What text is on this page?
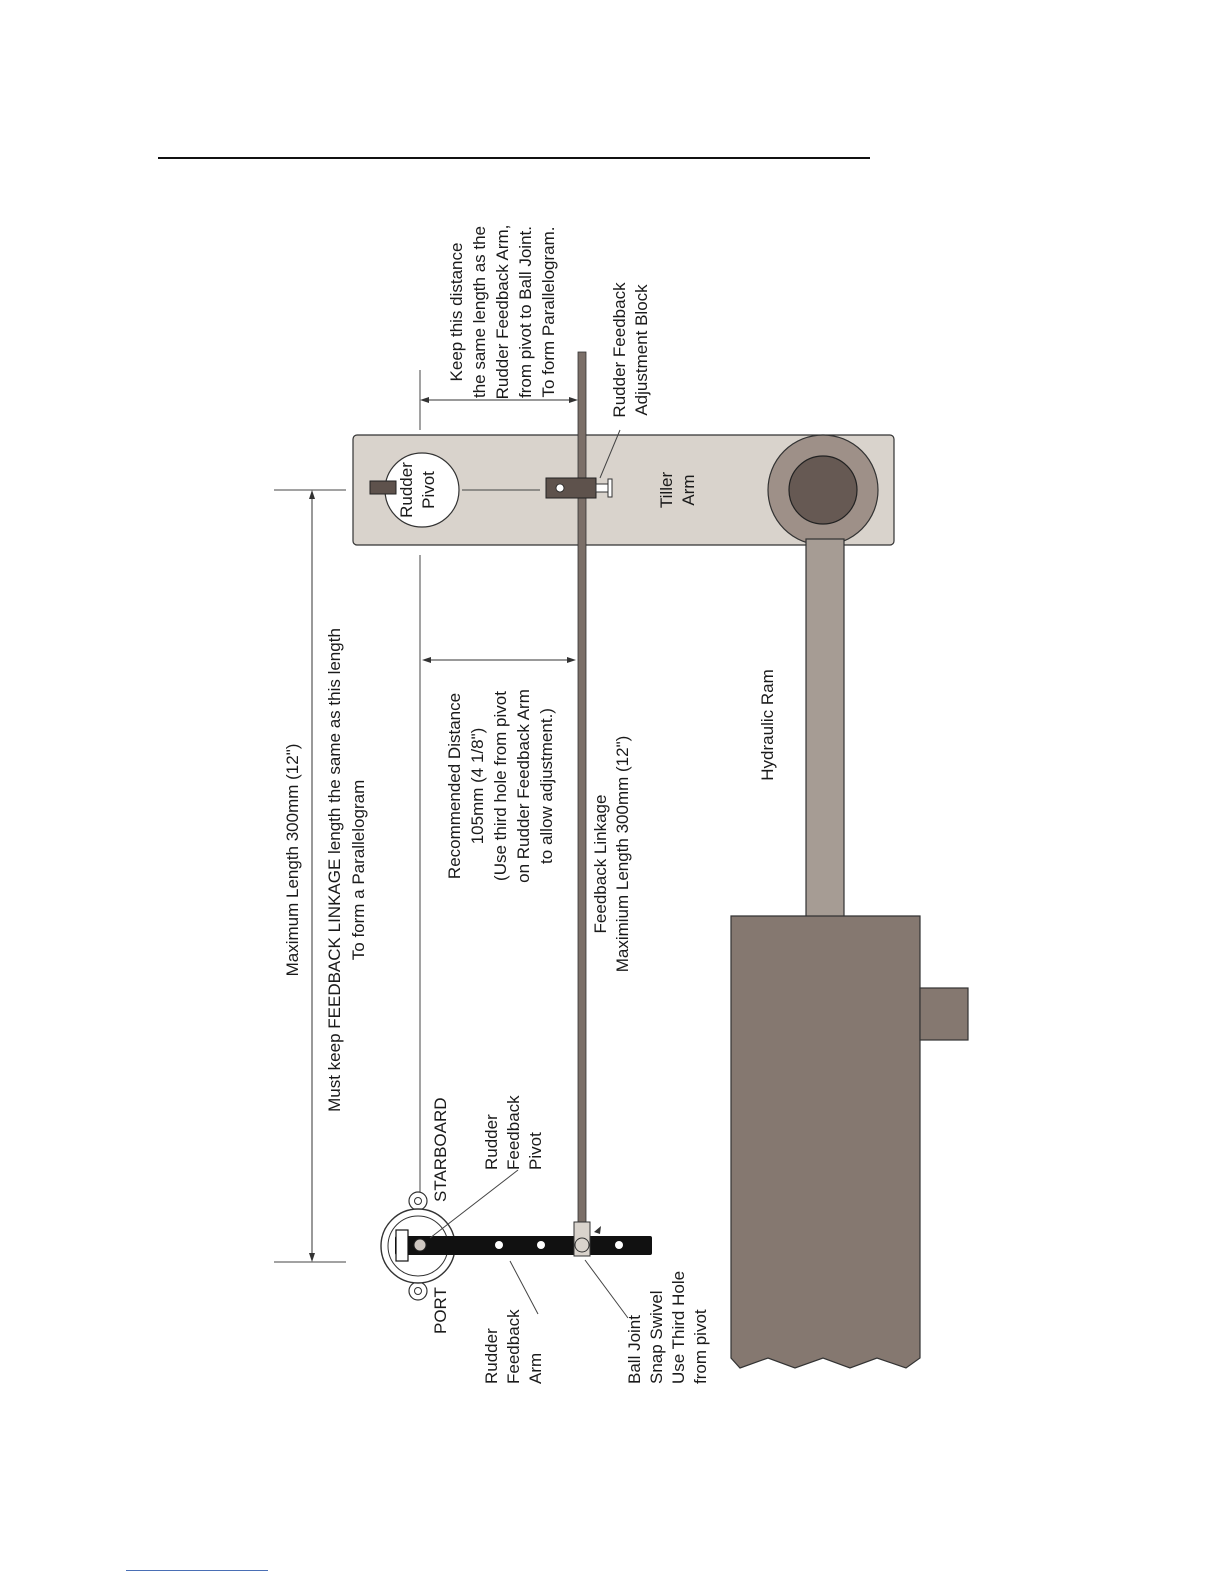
Maximum Length 300mm (12") Must keep FEEDBACK LINKAGE length the same as this length To form a Parallelogram
Rudder Pivot	Tiller Arm
Hydraulic Ram
Rudder Feedback Adjustment Block
Keep this distance the same length as the Rudder Feedback Arm, from pivot to Ball Joint. To form Parallelogram.
Recommended Distance 105mm (4 1/8") (Use third hole from pivot on Rudder Feedback Arm to allow adjustment.)
Feedback Linkage Maximium Length 300mm (12")
STARBOARD
PORT
Rudder Feedback Pivot
Rudder Feedback Arm	Ball Joint Snap Swivel Use Third Hole from pivot
